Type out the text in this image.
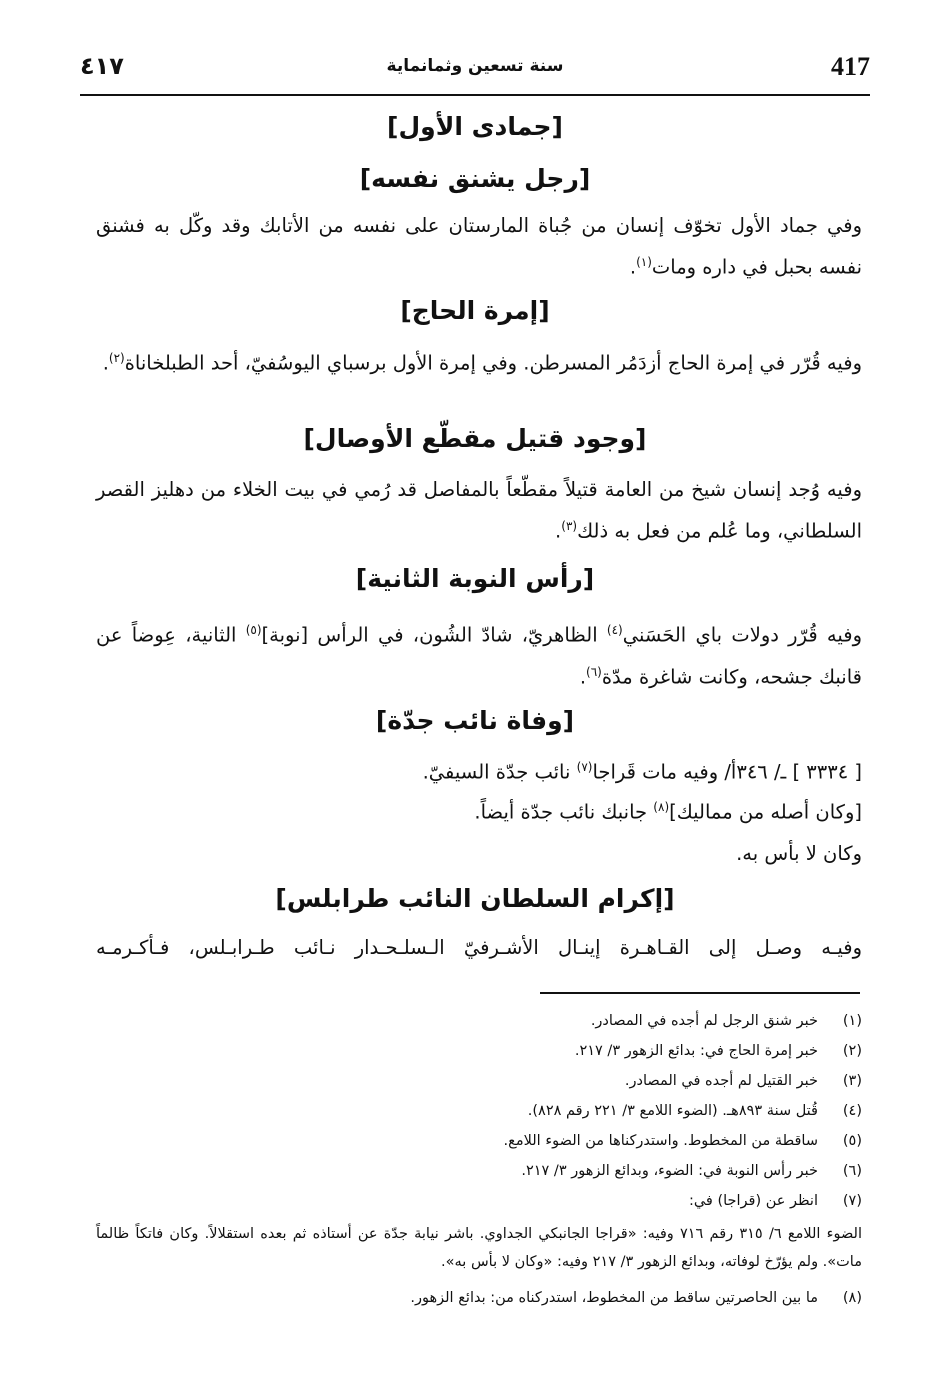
417
سنة تسعين وثمانماية
٤١٧
[جمادى الأول]
[رجل يشنق نفسه]
وفي جماد الأول تخوّف إنسان من جُباة المارستان على نفسه من الأتابك وقد وكّل به فشنق نفسه بحبل في داره ومات$^{(١)}$.
[إمرة الحاج]
وفيه قُرّر في إمرة الحاج أزدَمُر المسرطن. وفي إمرة الأول برسباي اليوسُفيّ، أحد الطبلخاناة$^{(٢)}$.
[وجود قتيل مقطّع الأوصال]
وفيه وُجد إنسان شيخ من العامة قتيلاً مقطّعاً بالمفاصل قد رُمي في بيت الخلاء من دهليز القصر السلطاني، وما عُلم من فعل به ذلك$^{(٣)}$.
[رأس النوبة الثانية]
وفيه قُرّر دولات باي الحَسَني$^{(٤)}$ الظاهريّ، شادّ الشُون، في الرأس [نوبة]$^{(٥)}$ الثانية، عِوضاً عن قانبك جشحه، وكانت شاغرة مدّة$^{(٦)}$.
[وفاة نائب جدّة]
[ ٣٣٣٤ ] ـ/ ٣٤٦أ/ وفيه مات قَراجا$^{(٧)}$ نائب جدّة السيفيّ.
[وكان أصله من مماليك]$^{(٨)}$ جانبك نائب جدّة أيضاً.
وكان لا بأس به.
[إكرام السلطان النائب طرابلس]
وفيـه وصـل إلى القـاهـرة إينـال الأشـرفيّ الـسلـحـدار نـائب طـرابـلس، فـأكـرمـه
(١)خبر شنق الرجل لم أجده في المصادر.
(٢)خبر إمرة الحاج في: بدائع الزهور ٣/ ٢١٧.
(٣)خبر القتيل لم أجده في المصادر.
(٤)قُتل سنة ٨٩٣هـ. (الضوء اللامع ٣/ ٢٢١ رقم ٨٢٨).
(٥)ساقطة من المخطوط. واستدركناها من الضوء اللامع.
(٦)خبر رأس النوبة في: الضوء، وبدائع الزهور ٣/ ٢١٧.
(٧)انظر عن (قراجا) في:
الضوء اللامع ٦/ ٣١٥ رقم ٧١٦ وفيه: «قراجا الجانبكي الجداوي. باشر نيابة جدّة عن أستاذه ثم بعده استقلالاً. وكان فاتكاً ظالماً مات». ولم يؤرّخ لوفاته، وبدائع الزهور ٣/ ٢١٧ وفيه: «وكان لا بأس به».
(٨)ما بين الحاصرتين ساقط من المخطوط، استدركناه من: بدائع الزهور.
